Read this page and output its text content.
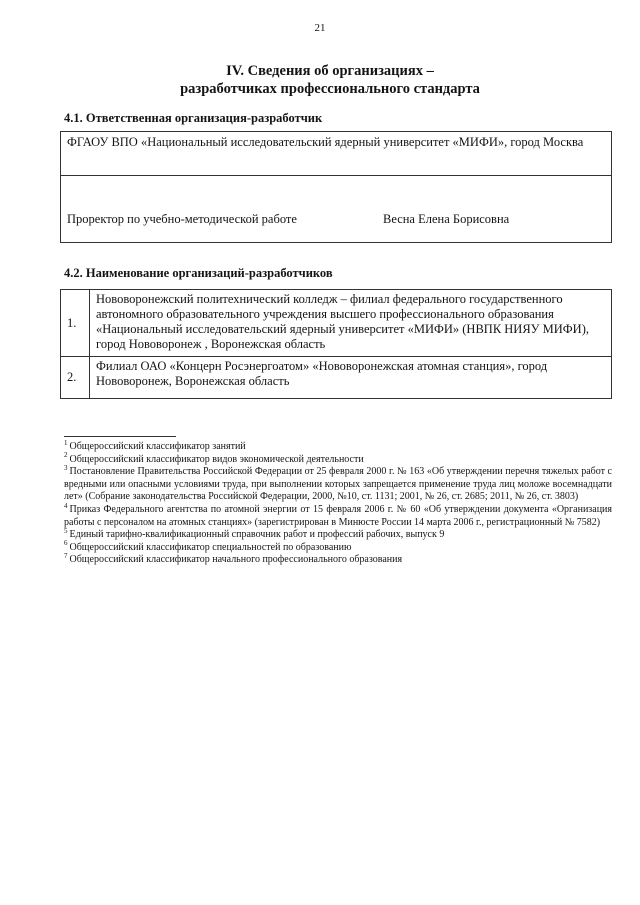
21
IV. Сведения об организациях –
разработчиках профессионального стандарта
4.1. Ответственная организация-разработчик
ФГАОУ ВПО «Национальный исследовательский ядерный университет «МИФИ», город Москва
Проректор по учебно-методической работе	Весна Елена Борисовна
4.2. Наименование организаций-разработчиков
1.	Нововоронежский политехнический колледж – филиал федерального государственного автономного образовательного учреждения высшего профессионального образования «Национальный исследовательский ядерный университет «МИФИ» (НВПК НИЯУ МИФИ), город Нововоронеж , Воронежская область
2.	Филиал ОАО «Концерн Росэнергоатом» «Нововоронежская атомная станция», город Нововоронеж, Воронежская область
$^1$ Общероссийский классификатор занятий
$^2$ Общероссийский классификатор видов экономической деятельности
$^3$ Постановление Правительства Российской Федерации от 25 февраля 2000 г. № 163 «Об утверждении перечня тяжелых работ с вредными или опасными условиями труда, при выполнении которых запрещается применение труда лиц моложе восемнадцати лет» (Собрание законодательства Российской Федерации, 2000, №10, ст. 1131; 2001, № 26, ст. 2685; 2011, № 26, ст. 3803)
$^4$ Приказ Федерального агентства по атомной энергии от 15 февраля 2006 г. № 60 «Об утверждении документа «Организация работы с персоналом на атомных станциях» (зарегистрирован в Минюсте России 14 марта 2006 г., регистрационный № 7582)
$^5$ Единый тарифно-квалификационный справочник работ и профессий рабочих, выпуск 9
$^6$ Общероссийский классификатор специальностей по образованию
$^7$ Общероссийский классификатор начального профессионального образования
